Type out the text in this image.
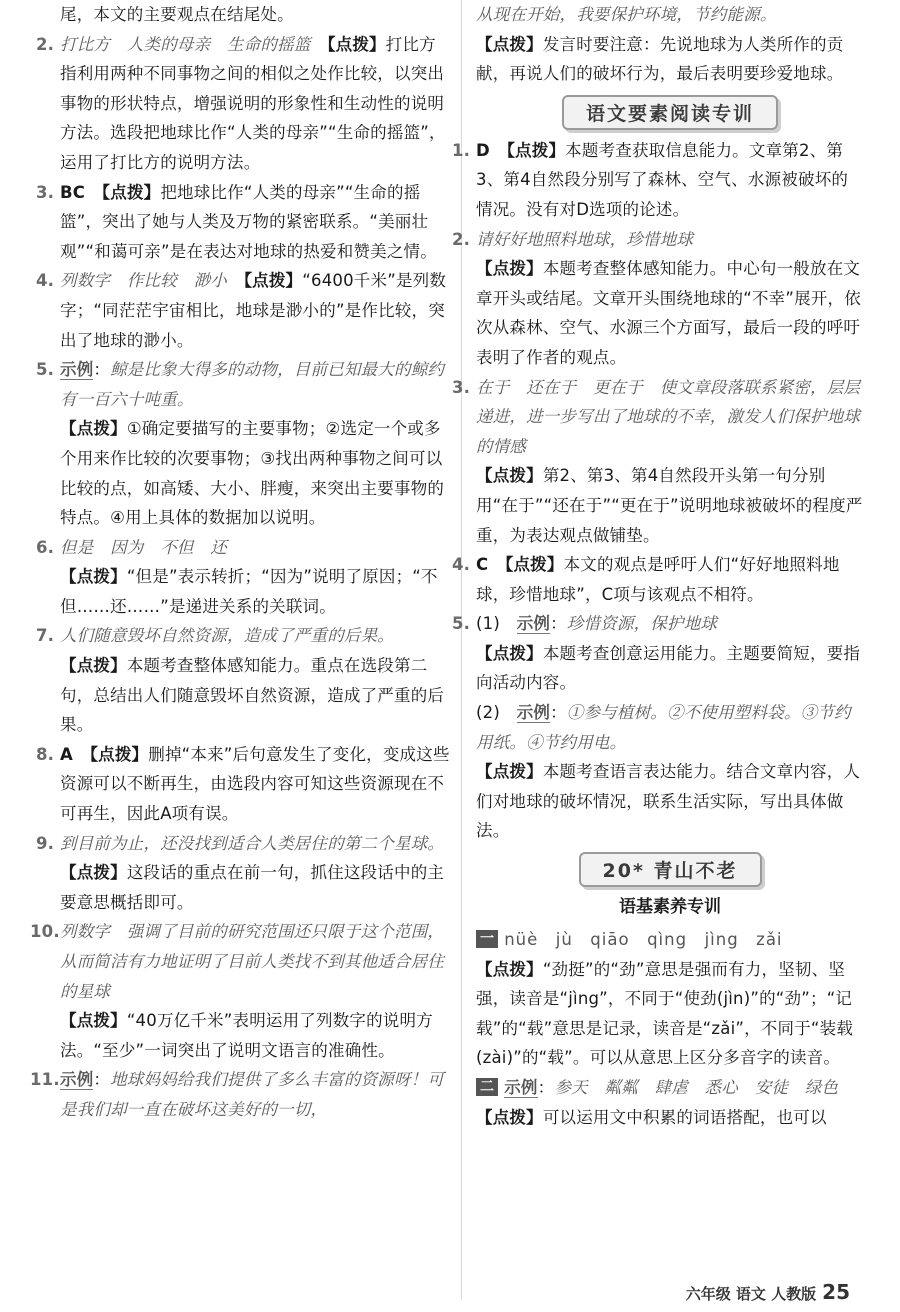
尾，本文的主要观点在结尾处。

2. 打比方　人类的母亲　生命的摇篮　 【点拨】打比方指利用两种不同事物之间的相似之处作比较，以突出事物的形状特点，增强说明的形象性和生动性的说明方法。选段把地球比作“人类的母亲”“生命的摇篮”，运用了打比方的说明方法。

3. BC　 【点拨】把地球比作“人类的母亲”“生命的摇篮”，突出了她与人类及万物的紧密联系。“美丽壮观”“和蔼可亲”是在表达对地球的热爱和赞美之情。

4. 列数字　作比较　渺小　 【点拨】“6400千米”是列数字；“同茫茫宇宙相比，地球是渺小的”是作比较，突出了地球的渺小。

5. 示例：鲸是比象大得多的动物，目前已知最大的鲸约有一百六十吨重。

【点拨】①确定要描写的主要事物；②选定一个或多个用来作比较的次要事物；③找出两种事物之间可以比较的点，如高矮、大小、胖瘦，来突出主要事物的特点。④用上具体的数据加以说明。

6. 但是　因为　不但　还

【点拨】“但是”表示转折；“因为”说明了原因；“不但……还……”是递进关系的关联词。

7. 人们随意毁坏自然资源，造成了严重的后果。

【点拨】本题考查整体感知能力。重点在选段第二句，总结出人们随意毁坏自然资源，造成了严重的后果。

8. A　 【点拨】删掉“本来”后句意发生了变化，变成这些资源可以不断再生，由选段内容可知这些资源现在不可再生，因此A项有误。

9. 到目前为止，还没找到适合人类居住的第二个星球。

【点拨】这段话的重点在前一句，抓住这段话中的主要意思概括即可。

10. 列数字　强调了目前的研究范围还只限于这个范围，从而简洁有力地证明了目前人类找不到其他适合居住的星球

【点拨】“40万亿千米”表明运用了列数字的说明方法。“至少”一词突出了说明文语言的准确性。

11. 示例：地球妈妈给我们提供了多么丰富的资源呀！可是我们却一直在破坏这美好的一切，

从现在开始，我要保护环境，节约能源。

【点拨】发言时要注意：先说地球为人类所作的贡献，再说人们的破坏行为，最后表明要珍爱地球。

语文要素阅读专训

1. D　 【点拨】本题考查获取信息能力。文章第2、第3、第4自然段分别写了森林、空气、水源被破坏的情况。没有对D选项的论述。

2. 请好好地照料地球，珍惜地球

【点拨】本题考查整体感知能力。中心句一般放在文章开头或结尾。文章开头围绕地球的“不幸”展开，依次从森林、空气、水源三个方面写，最后一段的呼吁表明了作者的观点。

3. 在于　还在于　更在于　使文章段落联系紧密，层层递进，进一步写出了地球的不幸，激发人们保护地球的情感

【点拨】第2、第3、第4自然段开头第一句分别用“在于”“还在于”“更在于”说明地球被破坏的程度严重，为表达观点做铺垫。

4. C　 【点拨】本文的观点是呼吁人们“好好地照料地球，珍惜地球”，C项与该观点不相符。

5. (1)　 示例：珍惜资源，保护地球

【点拨】本题考查创意运用能力。主题要简短，要指向活动内容。

(2)　 示例：①参与植树。②不使用塑料袋。③节约用纸。④节约用电。

【点拨】本题考查语言表达能力。结合文章内容，人们对地球的破坏情况，联系生活实际，写出具体做法。

20* 青山不老
语基素养专训

一 nüè　jù　qiāo　qìng　jìng　zǎi

【点拨】“劲挺”的“劲”意思是强而有力，坚韧、坚强，读音是“jìng”，不同于“使劲(jìn)”的“劲”；“记载”的“载”意思是记录，读音是“zǎi”，不同于“装载(zài)”的“载”。可以从意思上区分多音字的读音。

二 示例：参天　粼粼　肆虐　悉心　安徒　绿色

【点拨】可以运用文中积累的词语搭配，也可以

六年级 语文 人教版 25
